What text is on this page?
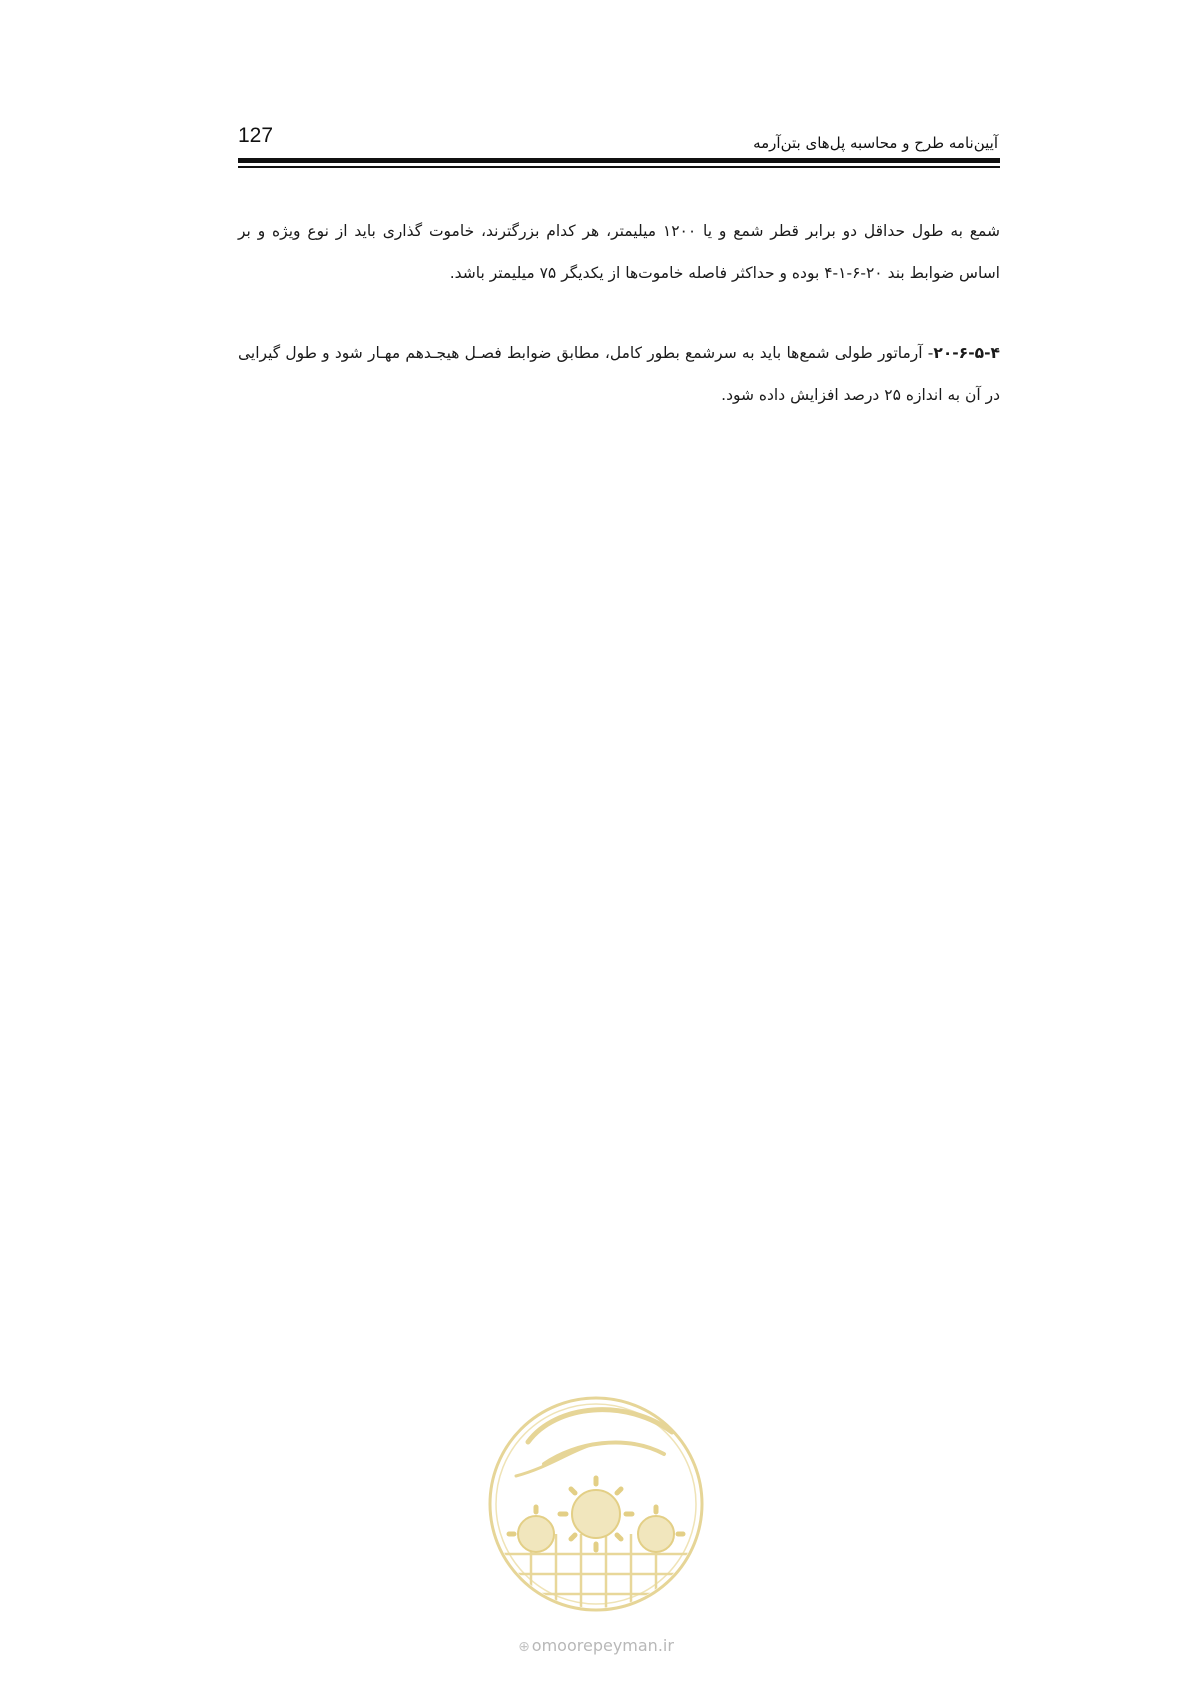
127	آیین‌نامه طرح و محاسبه پل‌های بتن‌آرمه

شمع به طول حداقل دو برابر قطر شمع و یا ۱۲۰۰ میلیمتر، هر کدام بزرگترند، خاموت گذاری باید از نوع ویژه و بر اساس ضوابط بند ۲۰-۶-۱-۴ بوده و حداکثر فاصله خاموت‌ها از یکدیگر ۷۵ میلیمتر باشد.

۲۰-۶-۵-۴- آرماتور طولی شمع‌ها باید به سرشمع بطور کامل، مطابق ضوابط فصـل هیجـدهم مهـار شود و طول گیرایی در آن به اندازه ۲۵ درصد افزایش داده شود.

⊕ omoorepeyman.ir
